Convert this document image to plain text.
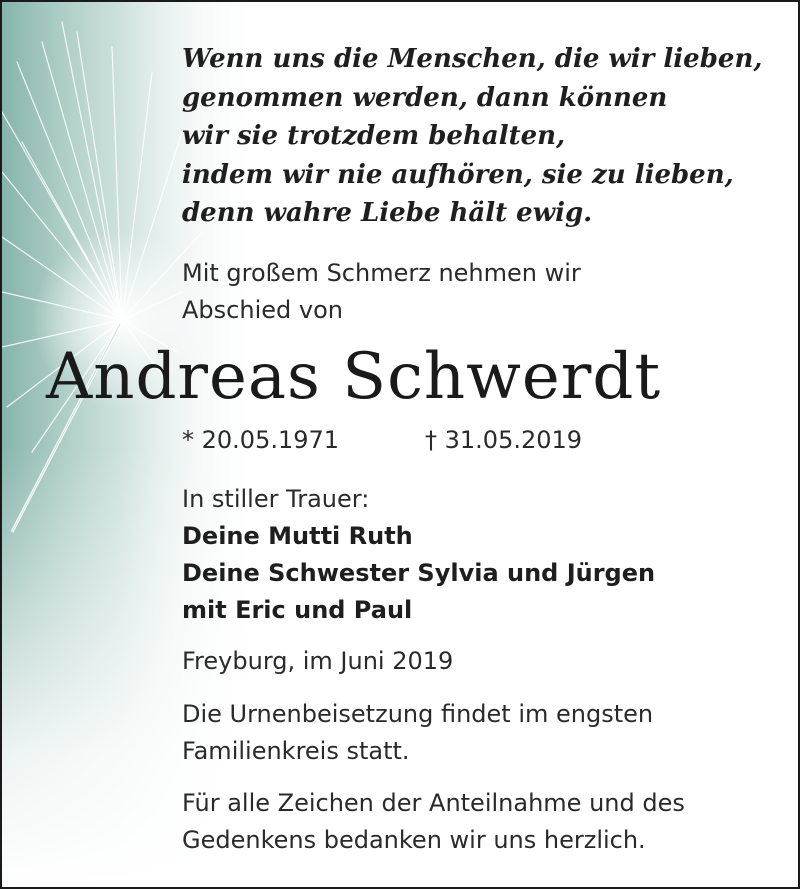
Wenn uns die Menschen, die wir lieben,
genommen werden, dann können
wir sie trotzdem behalten,
indem wir nie aufhören, sie zu lieben,
denn wahre Liebe hält ewig.
Mit großem Schmerz nehmen wir
Abschied von
Andreas Schwerdt
* 20.05.1971	† 31.05.2019
In stiller Trauer:
Deine Mutti Ruth
Deine Schwester Sylvia und Jürgen
mit Eric und Paul
Freyburg, im Juni 2019
Die Urnenbeisetzung findet im engsten
Familienkreis statt.
Für alle Zeichen der Anteilnahme und des
Gedenkens bedanken wir uns herzlich.
